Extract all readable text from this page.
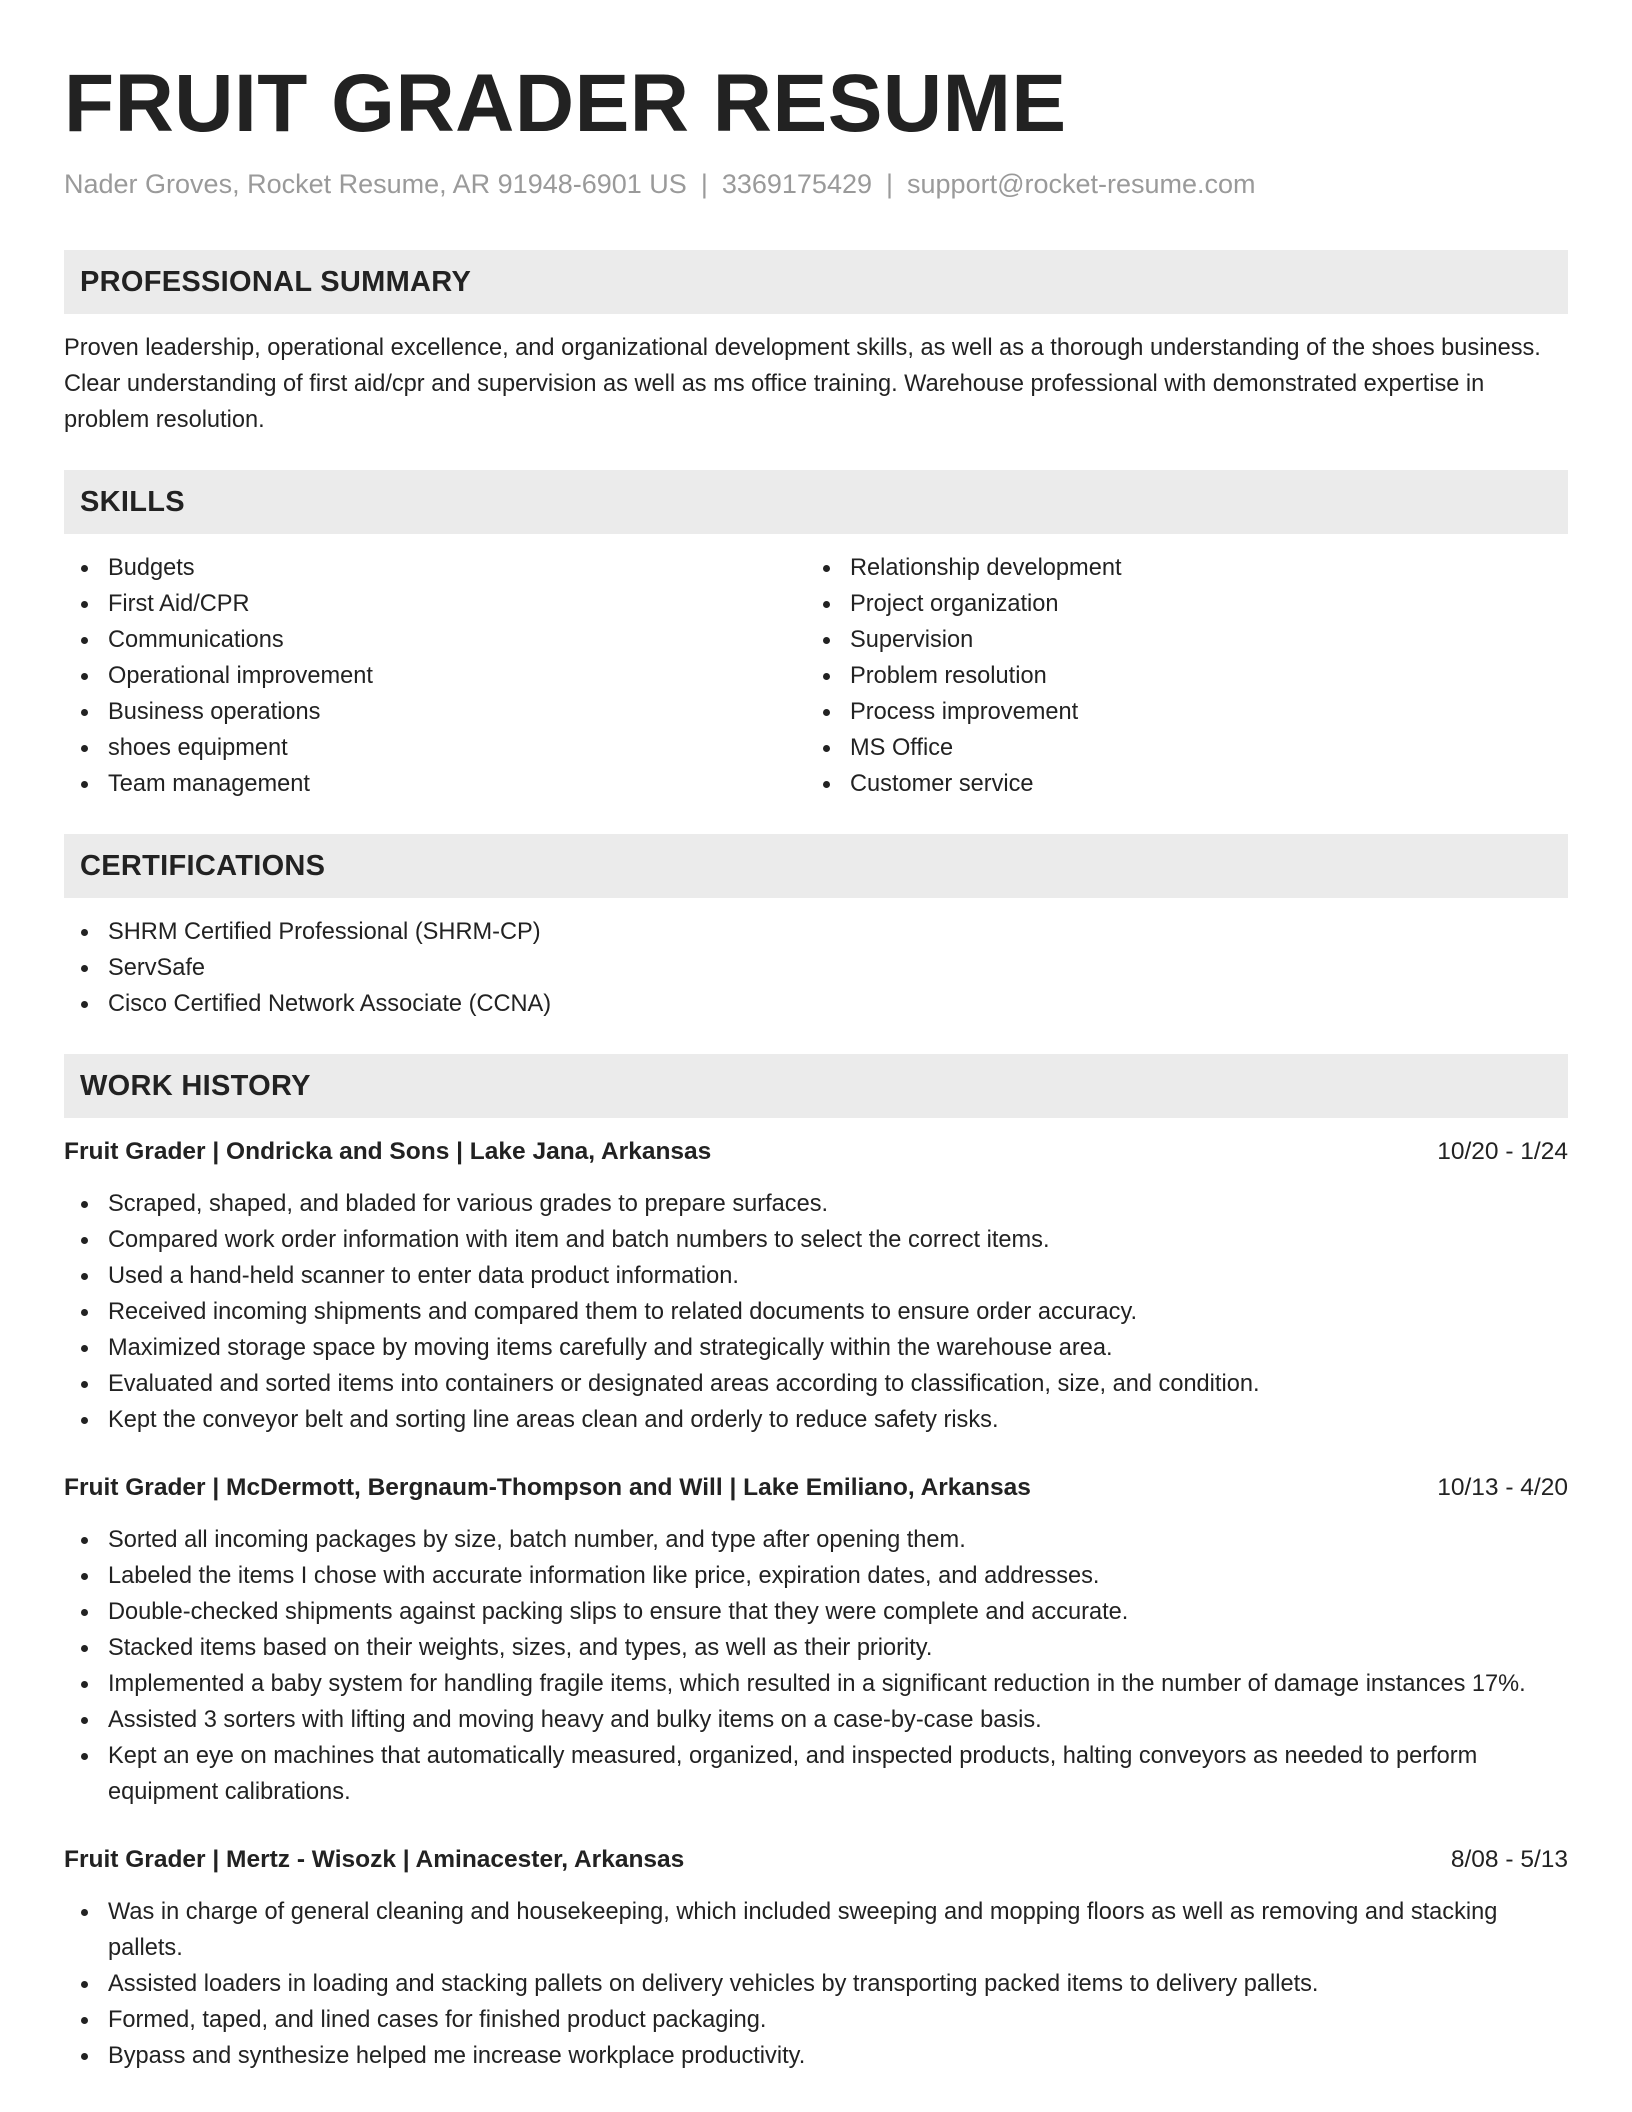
FRUIT GRADER RESUME
Nader Groves, Rocket Resume, AR 91948-6901 US | 3369175429 | support@rocket-resume.com
PROFESSIONAL SUMMARY

Proven leadership, operational excellence, and organizational development skills, as well as a thorough understanding of the shoes business. Clear understanding of first aid/cpr and supervision as well as ms office training. Warehouse professional with demonstrated expertise in problem resolution.

SKILLS
Budgets
First Aid/CPR
Communications
Operational improvement
Business operations
shoes equipment
Team management
Relationship development
Project organization
Supervision
Problem resolution
Process improvement
MS Office
Customer service
CERTIFICATIONS
SHRM Certified Professional (SHRM-CP)
ServSafe
Cisco Certified Network Associate (CCNA)
WORK HISTORY
Fruit Grader | Ondricka and Sons | Lake Jana, Arkansas	10/20 - 1/24
Scraped, shaped, and bladed for various grades to prepare surfaces.
Compared work order information with item and batch numbers to select the correct items.
Used a hand-held scanner to enter data product information.
Received incoming shipments and compared them to related documents to ensure order accuracy.
Maximized storage space by moving items carefully and strategically within the warehouse area.
Evaluated and sorted items into containers or designated areas according to classification, size, and condition.
Kept the conveyor belt and sorting line areas clean and orderly to reduce safety risks.
Fruit Grader | McDermott, Bergnaum-Thompson and Will | Lake Emiliano, Arkansas	10/13 - 4/20
Sorted all incoming packages by size, batch number, and type after opening them.
Labeled the items I chose with accurate information like price, expiration dates, and addresses.
Double-checked shipments against packing slips to ensure that they were complete and accurate.
Stacked items based on their weights, sizes, and types, as well as their priority.
Implemented a baby system for handling fragile items, which resulted in a significant reduction in the number of damage instances 17%.
Assisted 3 sorters with lifting and moving heavy and bulky items on a case-by-case basis.
Kept an eye on machines that automatically measured, organized, and inspected products, halting conveyors as needed to perform equipment calibrations.
Fruit Grader | Mertz - Wisozk | Aminacester, Arkansas	8/08 - 5/13
Was in charge of general cleaning and housekeeping, which included sweeping and mopping floors as well as removing and stacking pallets.
Assisted loaders in loading and stacking pallets on delivery vehicles by transporting packed items to delivery pallets.
Formed, taped, and lined cases for finished product packaging.
Bypass and synthesize helped me increase workplace productivity.
